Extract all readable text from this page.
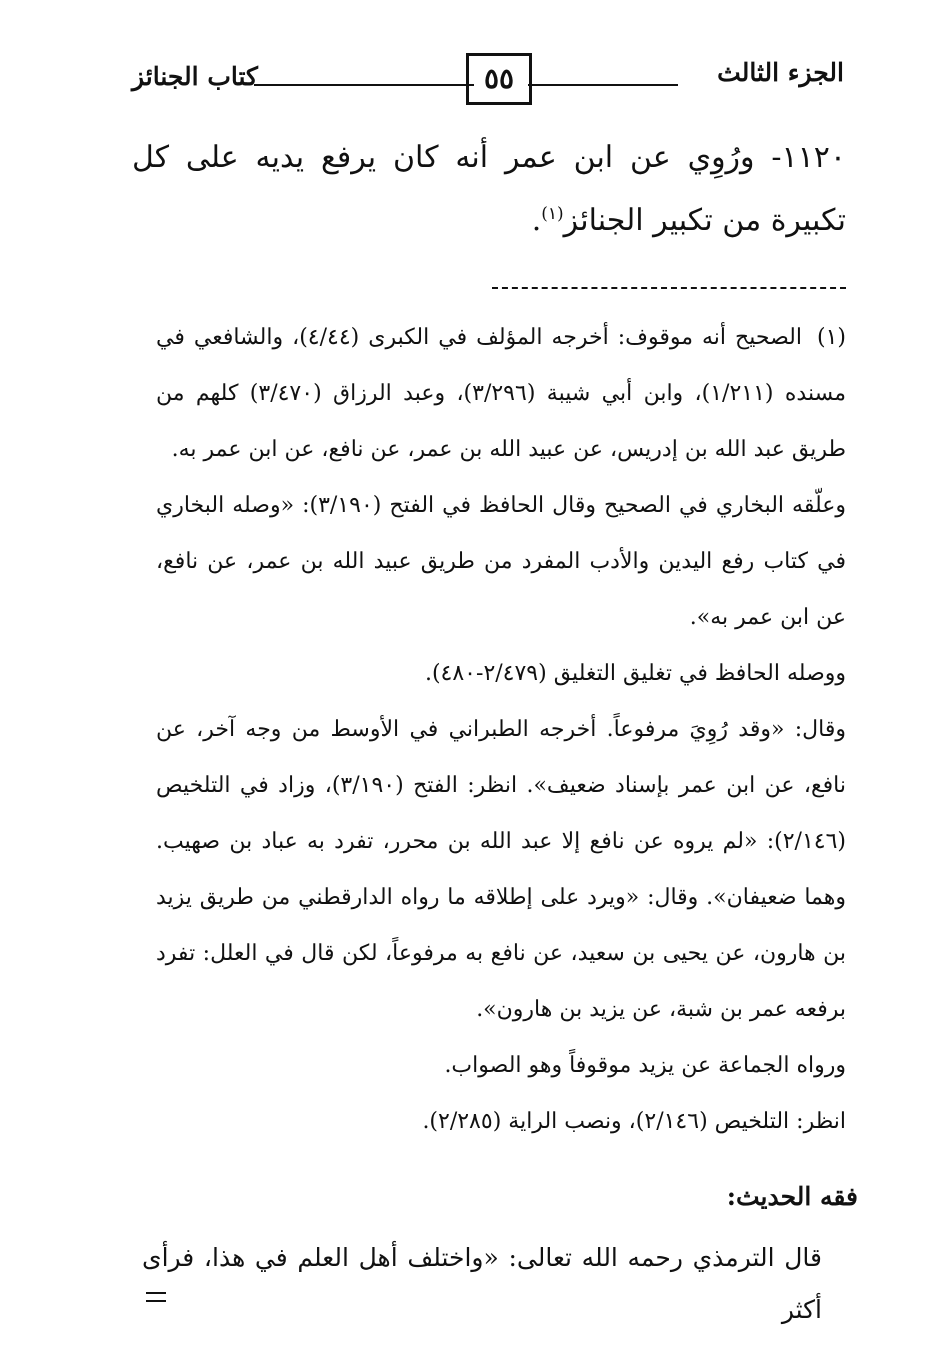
الجزء الثالث
٥٥
كتاب الجنائز
١١٢٠- ورُوِي عن ابن عمر أنه كان يرفع يديه على كل تكبيرة من تكبير الجنائز$^{(١)}$.
(١) الصحيح أنه موقوف: أخرجه المؤلف في الكبرى (٤/٤٤)، والشافعي في مسنده (١/٢١١)، وابن أبي شيبة (٣/٢٩٦)، وعبد الرزاق (٣/٤٧٠) كلهم من طريق عبد الله بن إدريس، عن عبيد الله بن عمر، عن نافع، عن ابن عمر به.
وعلّقه البخاري في الصحيح وقال الحافظ في الفتح (٣/١٩٠): «وصله البخاري في كتاب رفع اليدين والأدب المفرد من طريق عبيد الله بن عمر، عن نافع، عن ابن عمر به».
ووصله الحافظ في تغليق التغليق (٢/٤٧٩-٤٨٠).
وقال: «وقد رُوِيَ مرفوعاً. أخرجه الطبراني في الأوسط من وجه آخر، عن نافع، عن ابن عمر بإسناد ضعيف». انظر: الفتح (٣/١٩٠)، وزاد في التلخيص (٢/١٤٦): «لم يروه عن نافع إلا عبد الله بن محرر، تفرد به عباد بن صهيب. وهما ضعيفان». وقال: «ويرد على إطلاقه ما رواه الدارقطني من طريق يزيد بن هارون، عن يحيى بن سعيد، عن نافع به مرفوعاً، لكن قال في العلل: تفرد برفعه عمر بن شبة، عن يزيد بن هارون».
ورواه الجماعة عن يزيد موقوفاً وهو الصواب.
انظر: التلخيص (٢/١٤٦)، ونصب الراية (٢/٢٨٥).
فقه الحديث:
قال الترمذي رحمه الله تعالى: «واختلف أهل العلم في هذا، فرأى أكثر
